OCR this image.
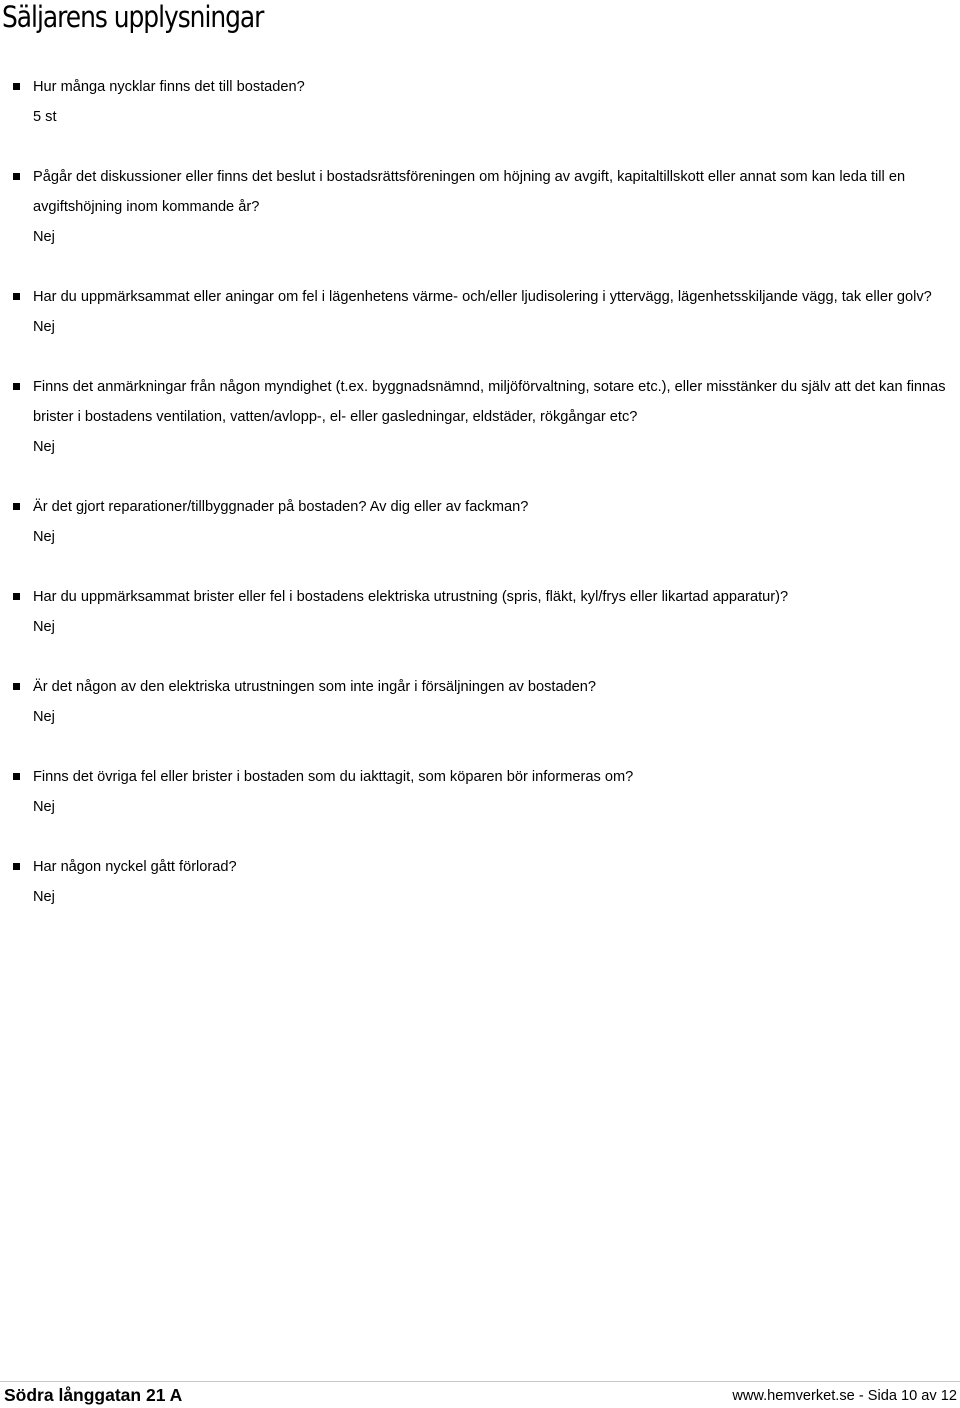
Säljarens upplysningar
Hur många nycklar finns det till bostaden?
5 st
Pågår det diskussioner eller finns det beslut i bostadsrättsföreningen om höjning av avgift, kapitaltillskott eller annat som kan leda till en avgiftshöjning inom kommande år?
Nej
Har du uppmärksammat eller aningar om fel i lägenhetens värme- och/eller ljudisolering i yttervägg, lägenhetsskiljande vägg, tak eller golv?
Nej
Finns det anmärkningar från någon myndighet (t.ex. byggnadsnämnd, miljöförvaltning, sotare etc.), eller misstänker du själv att det kan finnas brister i bostadens ventilation, vatten/avlopp-, el- eller gasledningar, eldstäder, rökgångar etc?
Nej
Är det gjort reparationer/tillbyggnader på bostaden? Av dig eller av fackman?
Nej
Har du uppmärksammat brister eller fel i bostadens elektriska utrustning (spris, fläkt, kyl/frys eller likartad apparatur)?
Nej
Är det någon av den elektriska utrustningen som inte ingår i försäljningen av bostaden?
Nej
Finns det övriga fel eller brister i bostaden som du iakttagit, som köparen bör informeras om?
Nej
Har någon nyckel gått förlorad?
Nej
Södra långgatan 21 A	www.hemverket.se - Sida 10 av 12
